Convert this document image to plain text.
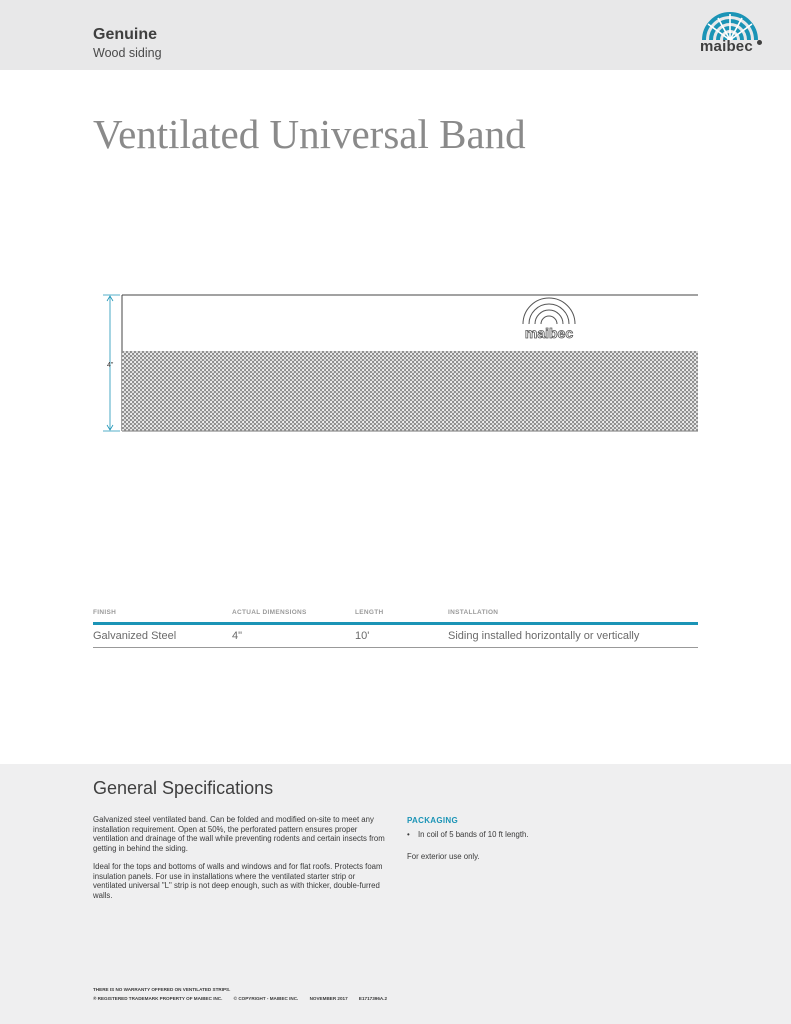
Genuine
Wood siding	maibec
Ventilated Universal Band
maibec
4"
FINISH	ACTUAL DIMENSIONS	LENGTH	INSTALLATION
Galvanized Steel	4"	10'	Siding installed horizontally or vertically
General Specifications

Galvanized steel ventilated band. Can be folded and modified on-site to meet any installation requirement. Open at 50%, the perforated pattern ensures proper ventilation and drainage of the wall while preventing rodents and certain insects from getting in behind the siding.

Ideal for the tops and bottoms of walls and windows and for flat roofs. Protects foam insulation panels. For use in installations where the ventilated starter strip or ventilated universal "L" strip is not deep enough, such as with thicker, double-furred walls.

PACKAGING
• In coil of 5 bands of 10 ft length.
For exterior use only.
THERE IS NO WARRANTY OFFERED ON VENTILATED STRIPS.
® REGISTERED TRADEMARK PROPERTY OF MAIBEC INC. © COPYRIGHT - MAIBEC INC. NOVEMBER 2017 E1717396A.2
